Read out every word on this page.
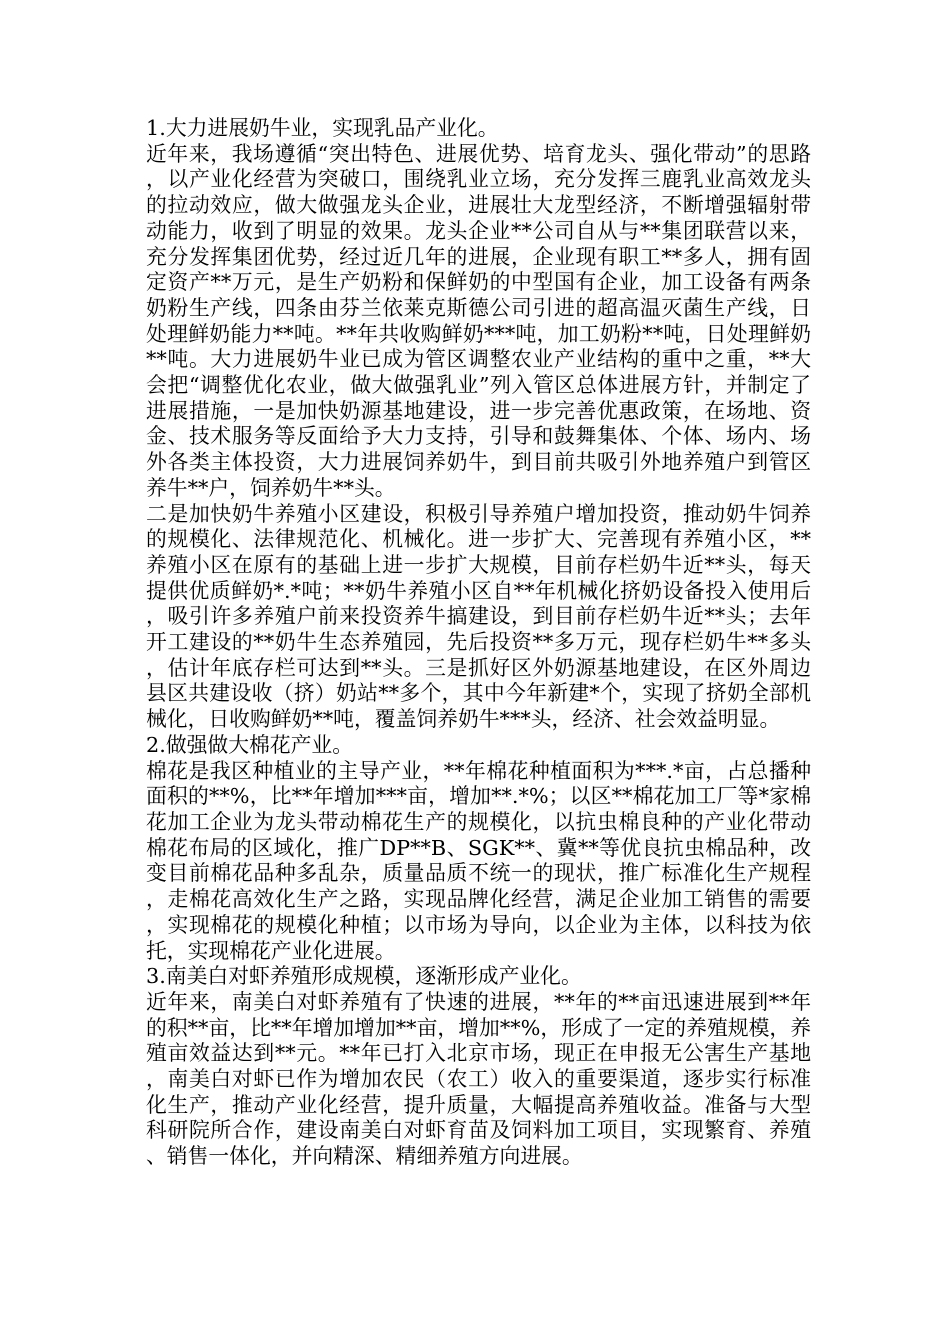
1.大力进展奶牛业，实现乳品产业化。

近年来，我场遵循“突出特色、进展优势、培育龙头、强化带动”的思路，以产业化经营为突破口，围绕乳业立场，充分发挥三鹿乳业高效龙头的拉动效应，做大做强龙头企业，进展壮大龙型经济，不断增强辐射带动能力，收到了明显的效果。龙头企业**公司自从与**集团联营以来，充分发挥集团优势，经过近几年的进展，企业现有职工**多人，拥有固定资产**万元，是生产奶粉和保鲜奶的中型国有企业，加工设备有两条奶粉生产线，四条由芬兰依莱克斯德公司引进的超高温灭菌生产线，日处理鲜奶能力**吨。**年共收购鲜奶***吨，加工奶粉**吨，日处理鲜奶**吨。大力进展奶牛业已成为管区调整农业产业结构的重中之重，**大会把“调整优化农业，做大做强乳业”列入管区总体进展方针，并制定了进展措施，一是加快奶源基地建设，进一步完善优惠政策，在场地、资金、技术服务等反面给予大力支持，引导和鼓舞集体、个体、场内、场外各类主体投资，大力进展饲养奶牛，到目前共吸引外地养殖户到管区养牛**户，饲养奶牛**头。

二是加快奶牛养殖小区建设，积极引导养殖户增加投资，推动奶牛饲养的规模化、法律规范化、机械化。进一步扩大、完善现有养殖小区，**养殖小区在原有的基础上进一步扩大规模，目前存栏奶牛近**头，每天提供优质鲜奶*.*吨；**奶牛养殖小区自**年机械化挤奶设备投入使用后，吸引许多养殖户前来投资养牛搞建设，到目前存栏奶牛近**头；去年开工建设的**奶牛生态养殖园，先后投资**多万元，现存栏奶牛**多头，估计年底存栏可达到**头。三是抓好区外奶源基地建设，在区外周边县区共建设收（挤）奶站**多个，其中今年新建*个，实现了挤奶全部机械化，日收购鲜奶**吨，覆盖饲养奶牛***头，经济、社会效益明显。

2.做强做大棉花产业。

棉花是我区种植业的主导产业，**年棉花种植面积为***.*亩，占总播种面积的**%，比**年增加***亩，增加**.*%；以区**棉花加工厂等*家棉花加工企业为龙头带动棉花生产的规模化，以抗虫棉良种的产业化带动棉花布局的区域化，推广DP**B、SGK**、冀**等优良抗虫棉品种，改变目前棉花品种多乱杂，质量品质不统一的现状，推广标准化生产规程，走棉花高效化生产之路，实现品牌化经营，满足企业加工销售的需要，实现棉花的规模化种植；以市场为导向，以企业为主体，以科技为依托，实现棉花产业化进展。

3.南美白对虾养殖形成规模，逐渐形成产业化。

近年来，南美白对虾养殖有了快速的进展，**年的**亩迅速进展到**年的积**亩，比**年增加增加**亩，增加**%，形成了一定的养殖规模，养殖亩效益达到**元。**年已打入北京市场，现正在申报无公害生产基地，南美白对虾已作为增加农民（农工）收入的重要渠道，逐步实行标准化生产，推动产业化经营，提升质量，大幅提高养殖收益。准备与大型科研院所合作，建设南美白对虾育苗及饲料加工项目，实现繁育、养殖、销售一体化，并向精深、精细养殖方向进展。
